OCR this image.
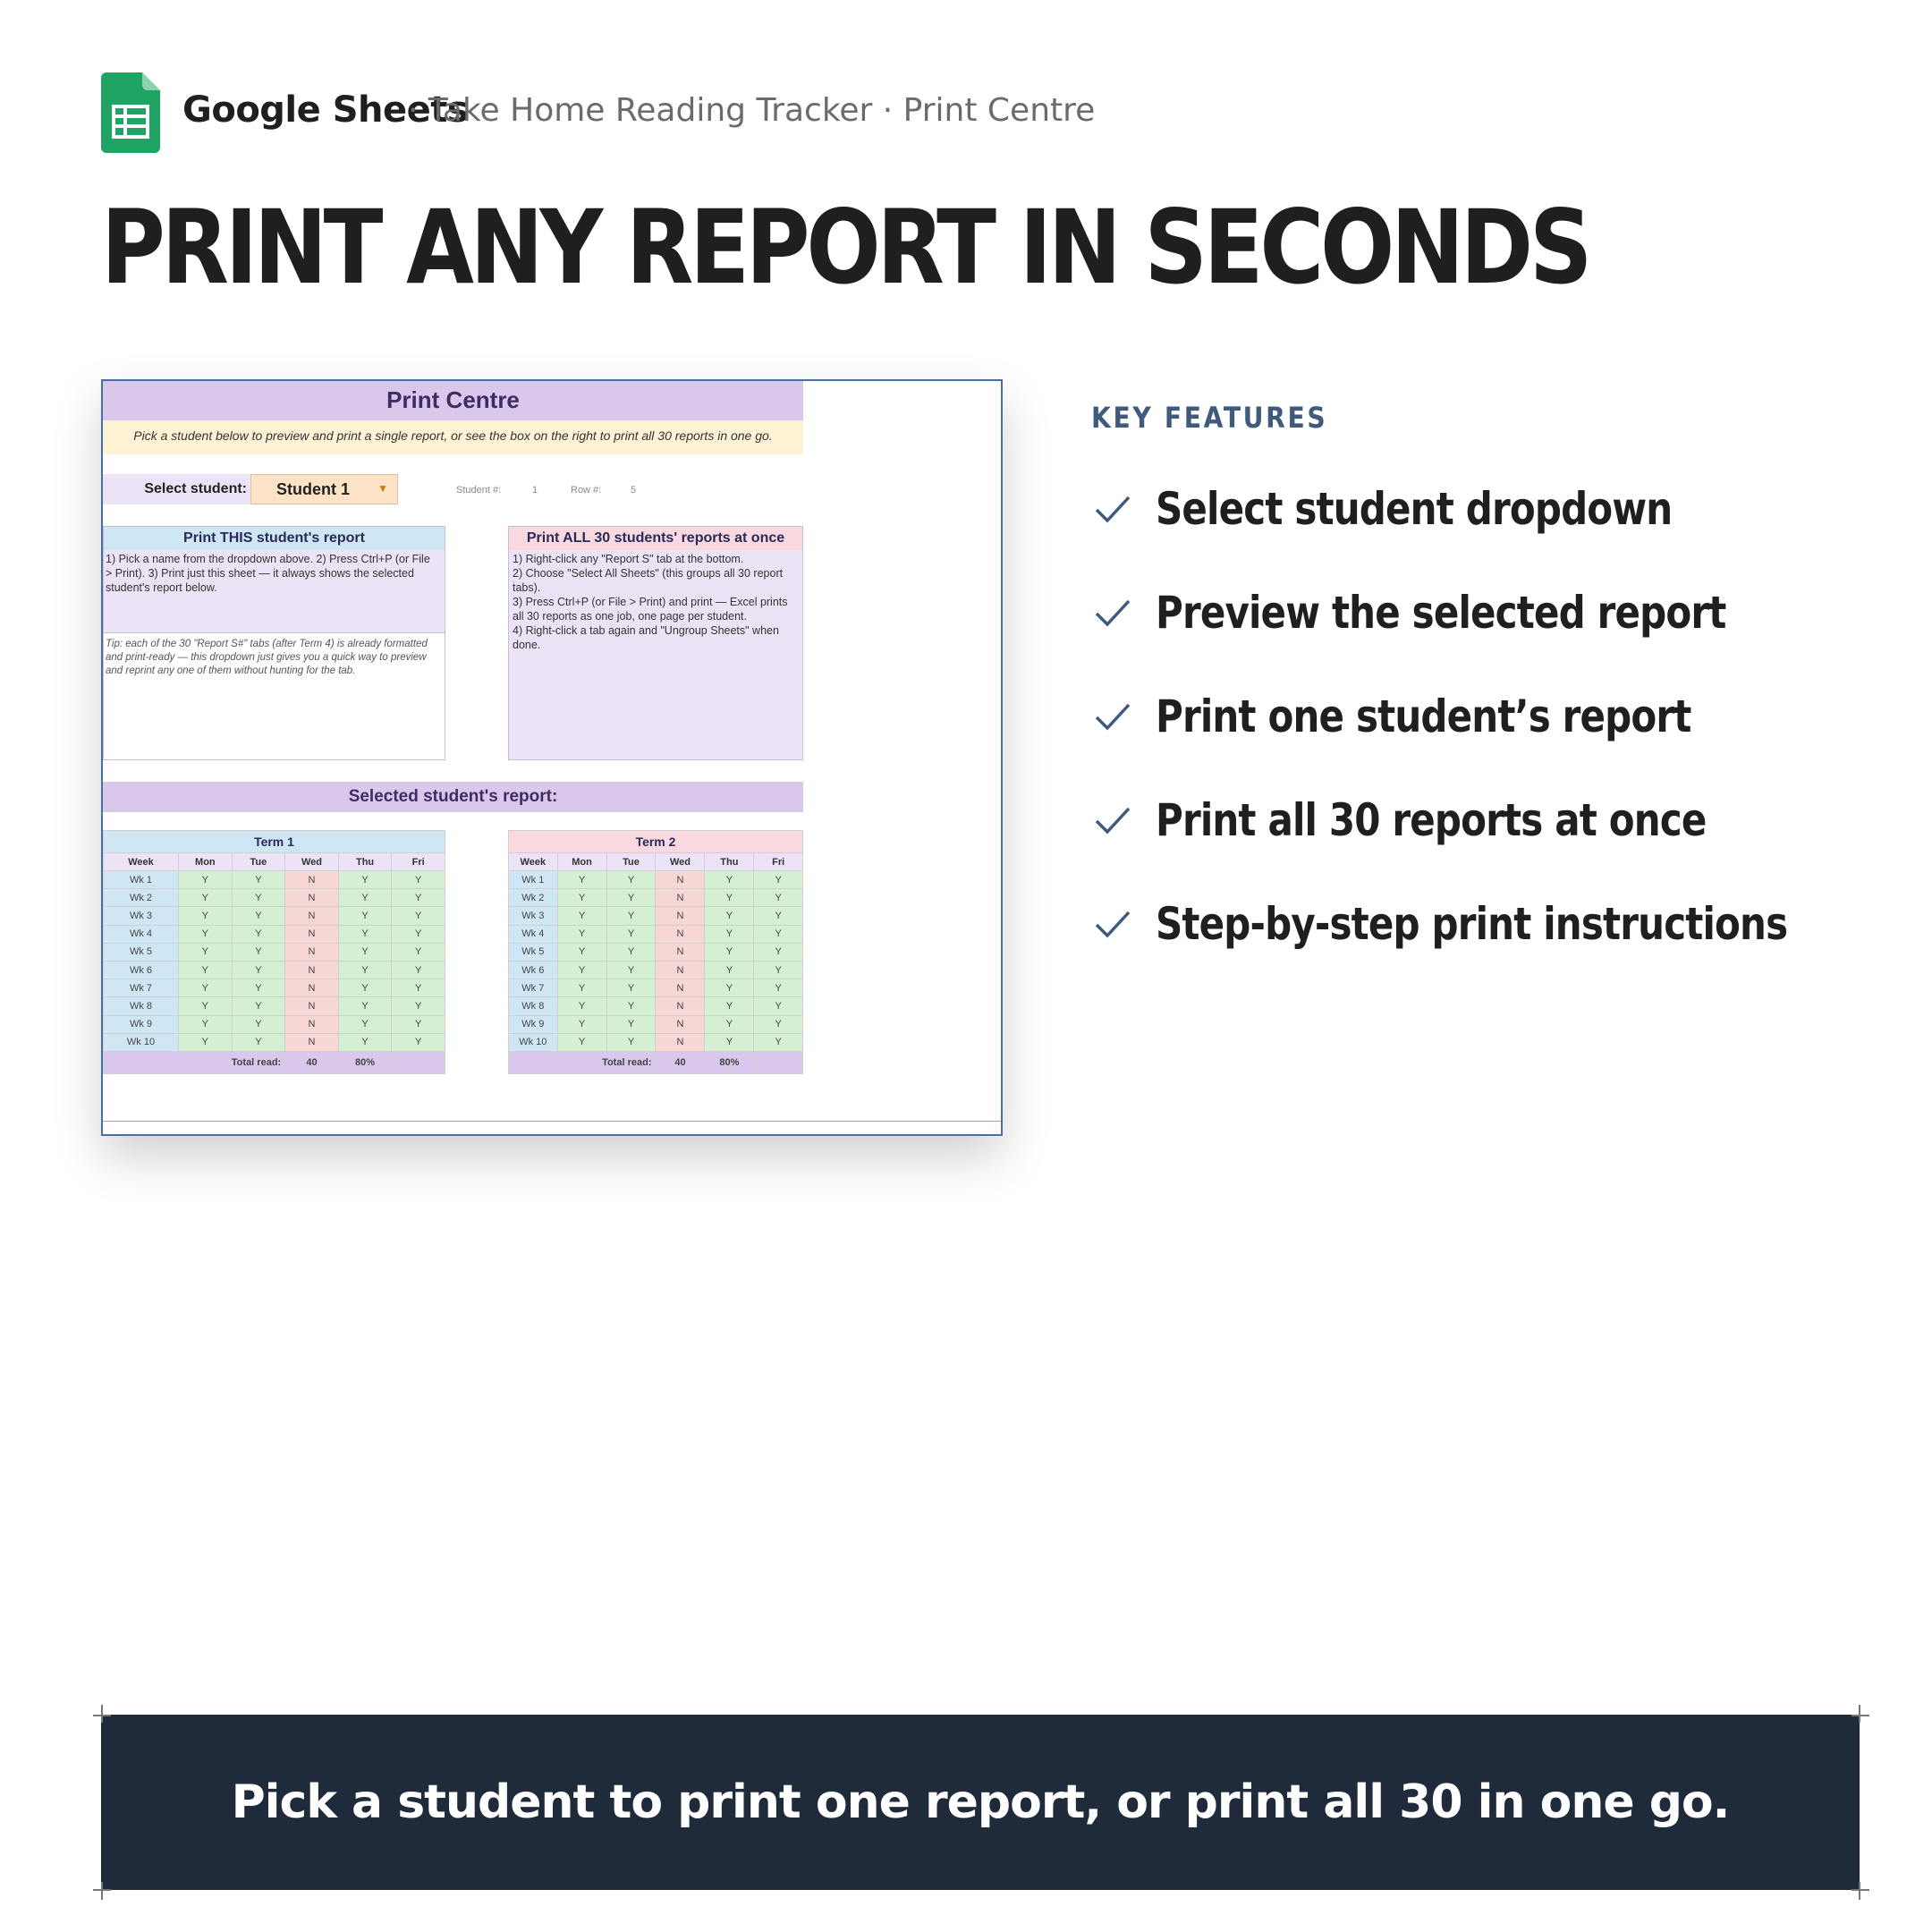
Google Sheets
· Take Home Reading Tracker · Print Centre
PRINT ANY REPORT IN SECONDS
Print Centre
Pick a student below to preview and print a single report, or see the box on the right to print all 30 reports in one go.
Select student: Student 1	▼	Student #:	1	Row #:	5
Print THIS student's report
1) Pick a name from the dropdown above. 2) Press Ctrl+P (or File > Print). 3) Print just this sheet — it always shows the selected student's report below.
Tip: each of the 30 "Report S#" tabs (after Term 4) is already formatted and print-ready — this dropdown just gives you a quick way to preview and reprint any one of them without hunting for the tab.
Print ALL 30 students' reports at once
1) Right-click any "Report S" tab at the bottom.
2) Choose "Select All Sheets" (this groups all 30 report tabs).
3) Press Ctrl+P (or File > Print) and print — Excel prints all 30 reports as one job, one page per student.
4) Right-click a tab again and "Ungroup Sheets" when done.
Selected student's report:
Term 1					
Week	Mon	Tue	Wed	Thu	Fri
Wk 1	Y	Y	N	Y	Y
Wk 2	Y	Y	N	Y	Y
Wk 3	Y	Y	N	Y	Y
Wk 4	Y	Y	N	Y	Y
Wk 5	Y	Y	N	Y	Y
Wk 6	Y	Y	N	Y	Y
Wk 7	Y	Y	N	Y	Y
Wk 8	Y	Y	N	Y	Y
Wk 9	Y	Y	N	Y	Y
Wk 10	Y	Y	N	Y	Y
Total read:			40	80%	
Term 2					
Week	Mon	Tue	Wed	Thu	Fri
Wk 1	Y	Y	N	Y	Y
Wk 2	Y	Y	N	Y	Y
Wk 3	Y	Y	N	Y	Y
Wk 4	Y	Y	N	Y	Y
Wk 5	Y	Y	N	Y	Y
Wk 6	Y	Y	N	Y	Y
Wk 7	Y	Y	N	Y	Y
Wk 8	Y	Y	N	Y	Y
Wk 9	Y	Y	N	Y	Y
Wk 10	Y	Y	N	Y	Y
Total read:			40	80%	
KEY FEATURES
Select student dropdown
Preview the selected report
Print one student’s report
Print all 30 reports at once
Step-by-step print instructions
Pick a student to print one report, or print all 30 in one go.
